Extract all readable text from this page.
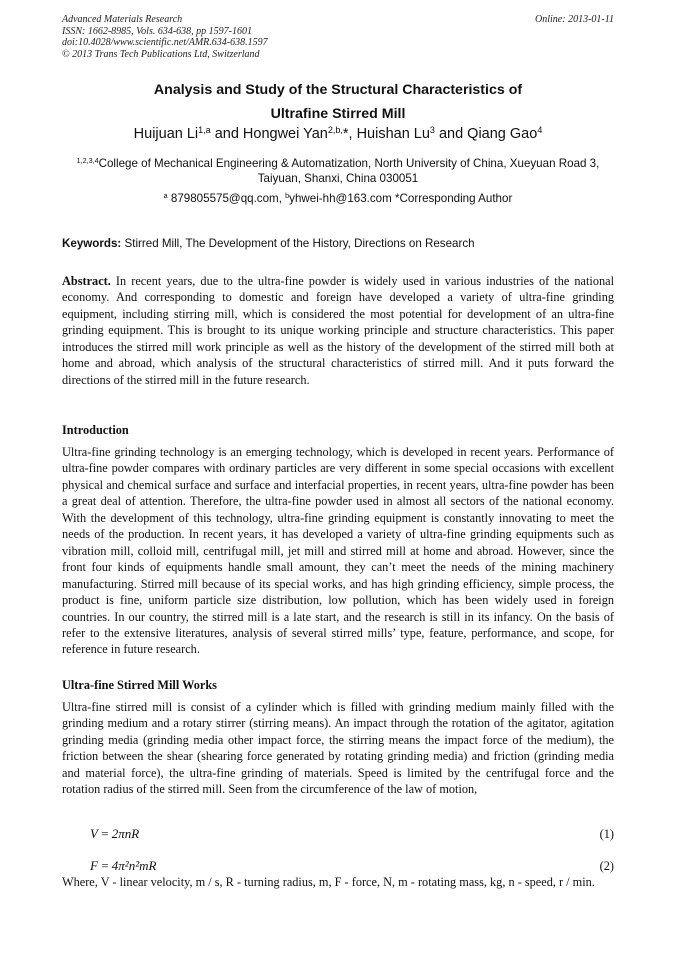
Advanced Materials Research
ISSN: 1662-8985, Vols. 634-638, pp 1597-1601
doi:10.4028/www.scientific.net/AMR.634-638.1597
© 2013 Trans Tech Publications Ltd, Switzerland
Online: 2013-01-11
Analysis and Study of the Structural Characteristics of
Ultrafine Stirred Mill
Huijuan Li$^{1,a}$ and Hongwei Yan$^{2,b,}$*, Huishan Lu$^3$ and Qiang Gao$^4$
$^{1,2,3,4}$College of Mechanical Engineering & Automatization, North University of China, Xueyuan Road 3, Taiyuan, Shanxi, China 030051
$^a$ 879805575@qq.com, $^b$yhwei-hh@163.com *Corresponding Author
Keywords: Stirred Mill, The Development of the History, Directions on Research
Abstract. In recent years, due to the ultra-fine powder is widely used in various industries of the national economy. And corresponding to domestic and foreign have developed a variety of ultra-fine grinding equipment, including stirring mill, which is considered the most potential for development of an ultra-fine grinding equipment. This is brought to its unique working principle and structure characteristics. This paper introduces the stirred mill work principle as well as the history of the development of the stirred mill both at home and abroad, which analysis of the structural characteristics of stirred mill. And it puts forward the directions of the stirred mill in the future research.
Introduction
Ultra-fine grinding technology is an emerging technology, which is developed in recent years. Performance of ultra-fine powder compares with ordinary particles are very different in some special occasions with excellent physical and chemical surface and surface and interfacial properties, in recent years, ultra-fine powder has been a great deal of attention. Therefore, the ultra-fine powder used in almost all sectors of the national economy. With the development of this technology, ultra-fine grinding equipment is constantly innovating to meet the needs of the production. In recent years, it has developed a variety of ultra-fine grinding equipments such as vibration mill, colloid mill, centrifugal mill, jet mill and stirred mill at home and abroad. However, since the front four kinds of equipments handle small amount, they can’t meet the needs of the mining machinery manufacturing. Stirred mill because of its special works, and has high grinding efficiency, simple process, the product is fine, uniform particle size distribution, low pollution, which has been widely used in foreign countries. In our country, the stirred mill is a late start, and the research is still in its infancy. On the basis of refer to the extensive literatures, analysis of several stirred mills’ type, feature, performance, and scope, for reference in future research.
Ultra-fine Stirred Mill Works
Ultra-fine stirred mill is consist of a cylinder which is filled with grinding medium mainly filled with the grinding medium and a rotary stirrer (stirring means). An impact through the rotation of the agitator, agitation grinding media (grinding media other impact force, the stirring means the impact force of the medium), the friction between the shear (shearing force generated by rotating grinding media) and friction (grinding media and material force), the ultra-fine grinding of materials. Speed is limited by the centrifugal force and the rotation radius of the stirred mill. Seen from the circumference of the law of motion,
V = 2πnR	(1)
F = 4π²n²mR	(2)
Where, V - linear velocity, m / s, R - turning radius, m, F - force, N, m - rotating mass, kg, n - speed, r / min.
